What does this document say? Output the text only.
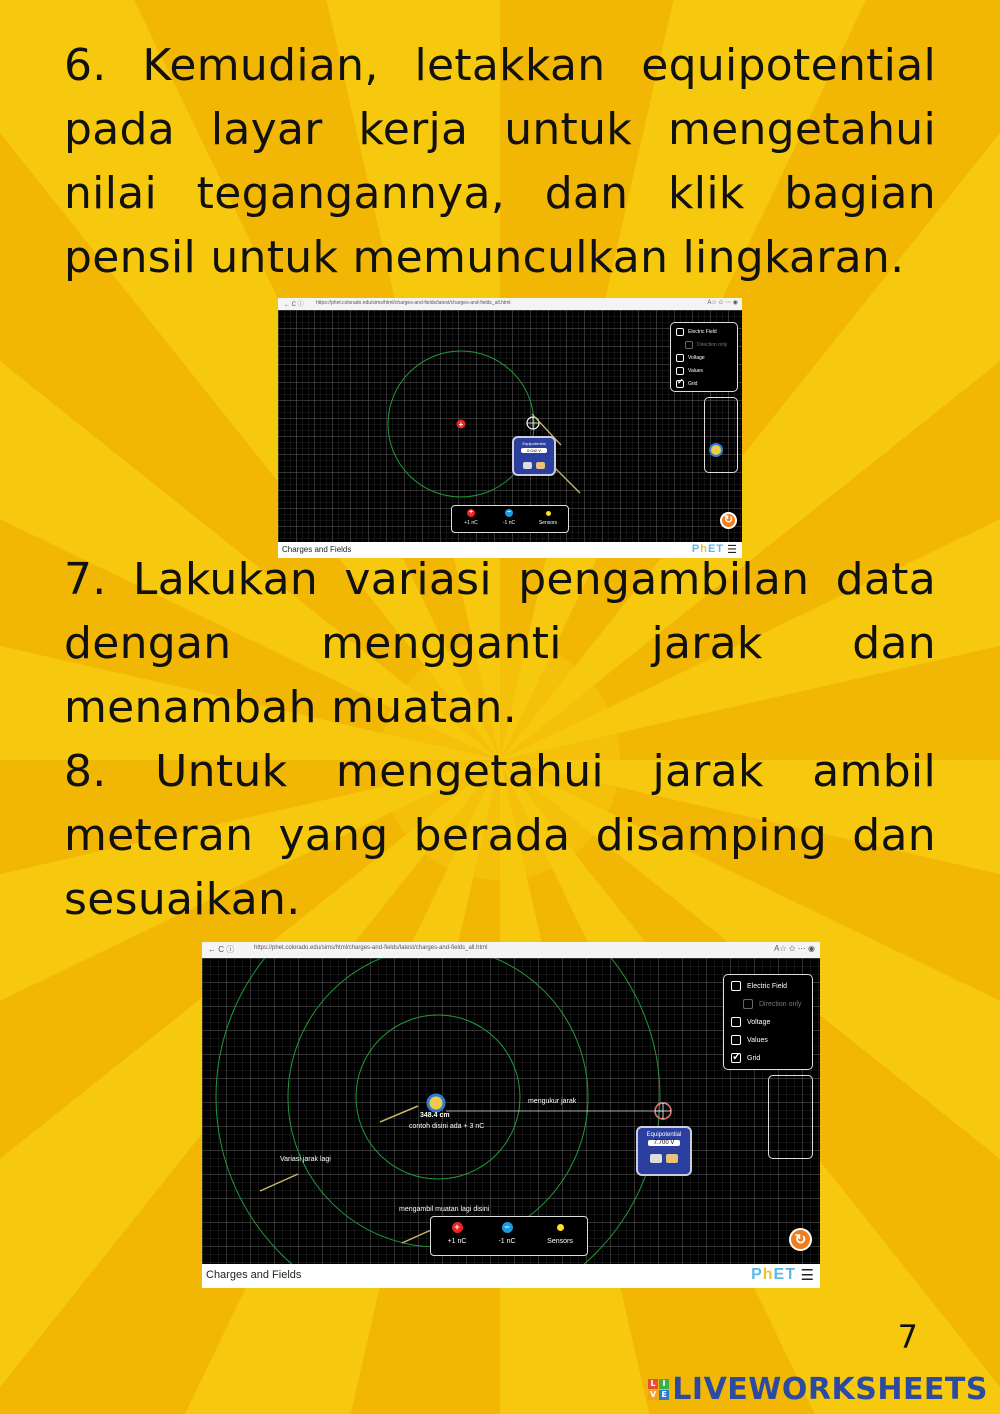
6. Kemudian, letakkan equipotential pada layar kerja untuk mengetahui nilai tegangannya, dan klik bagian pensil untuk memunculkan lingkaran.

← C ⓘ https://phet.colorado.edu/sims/html/charges-and-fields/latest/charges-and-fields_all.html	A☆ ✩ ⋯ ◉
+
Equipotential
0.042 V

Electric Field
Direction only
Voltage
Values
✓ Grid
↻
+
+1 nC
−
-1 nC	Sensors
Charges and Fields	PhET ☰

7. Lakukan variasi pengambilan data dengan mengganti jarak dan menambah muatan.

8. Untuk mengetahui jarak ambil meteran yang berada disamping dan sesuaikan.

← C ⓘ	https://phet.colorado.edu/sims/html/charges-and-fields/latest/charges-and-fields_all.html	A☆ ✩ ⋯ ◉
348.4 cm
contoh disini ada + 3 nC
mengukur jarak
Variasi jarak lagi
mengambil muatan lagi disini
Equipotential
7.700 V

Electric Field
Direction only
Voltage
Values
✓ Grid
↻
+
+1 nC
−
-1 nC	Sensors
Charges and Fields	PhET ☰
7
L I
V E LIVEWORKSHEETS
